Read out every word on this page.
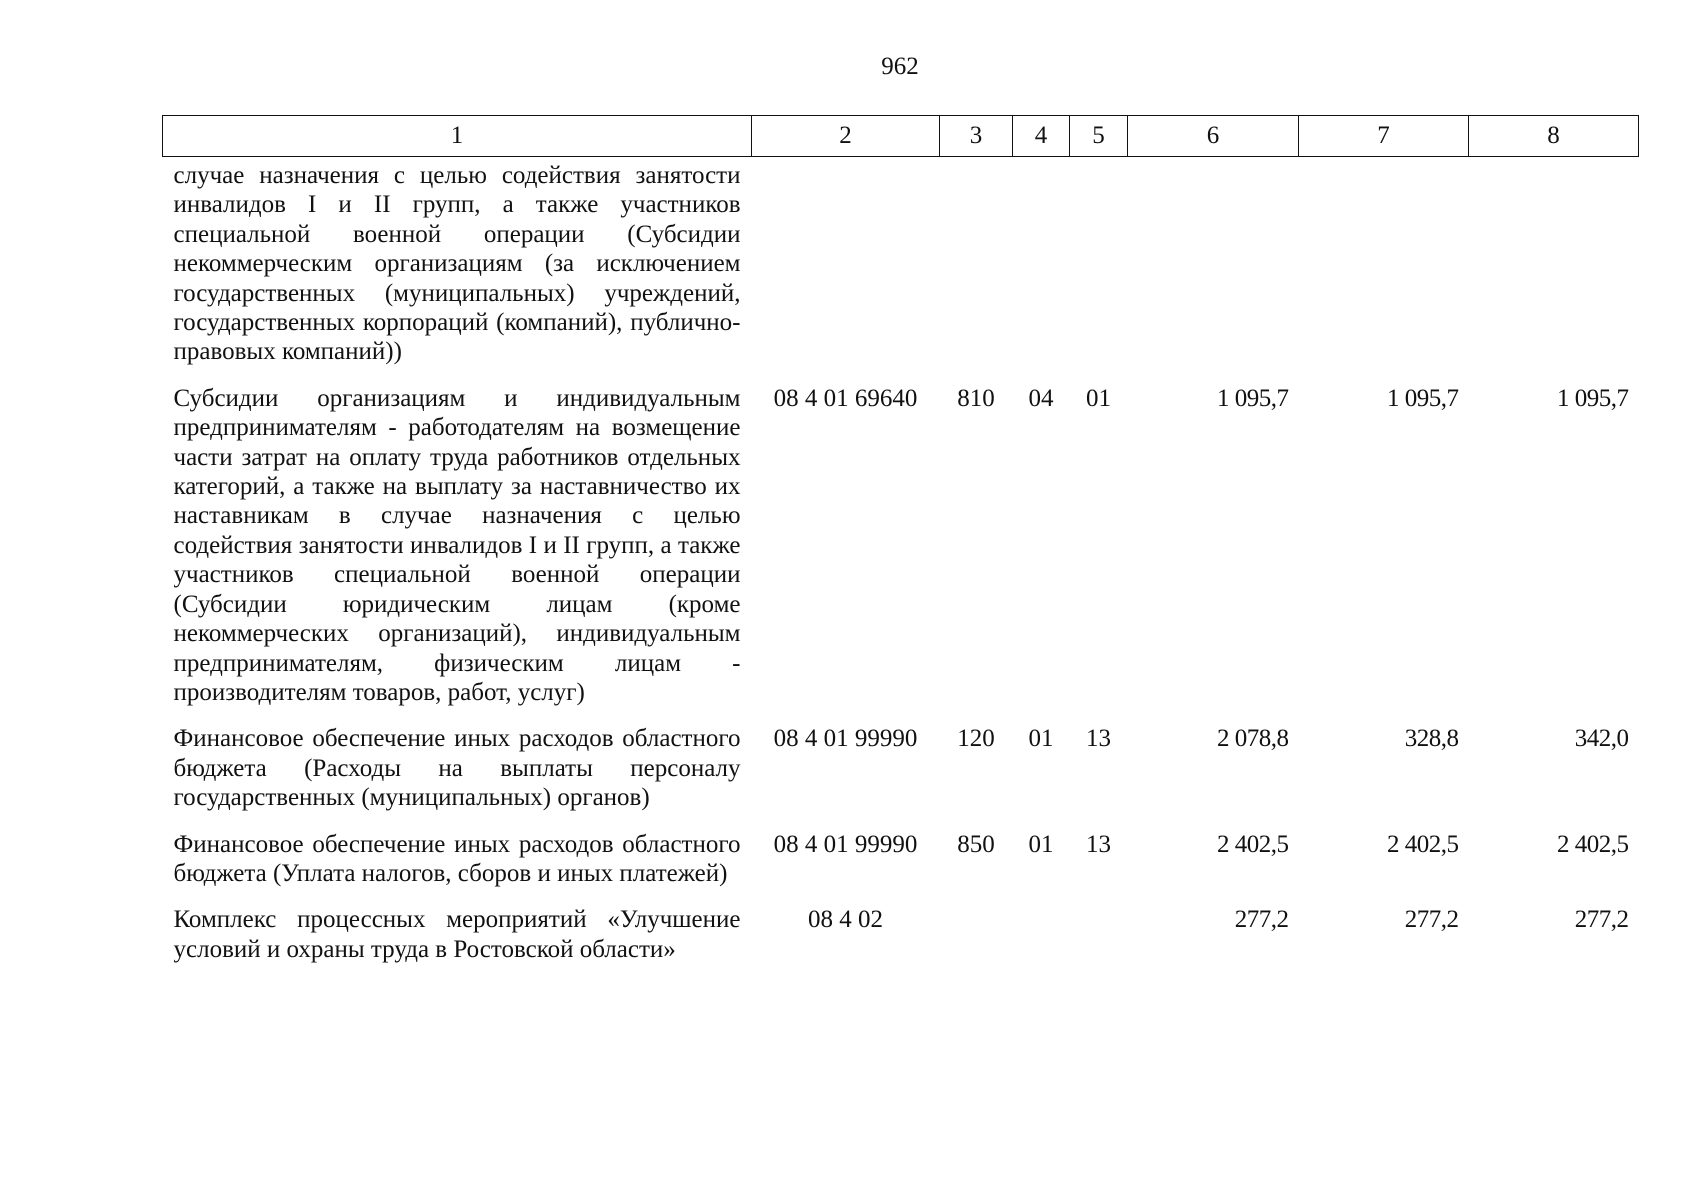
962
1	2	3	4	5	6	7	8
случае назначения с целью содействия занятости инвалидов I и II групп, а также участников специальной военной операции (Субсидии некоммерческим организациям (за исключением государственных (муниципальных) учреждений, государственных корпораций (компаний), публично-правовых компаний))							
Субсидии организациям и индивидуальным предпринимателям - работодателям на возмещение части затрат на оплату труда работников отдельных категорий, а также на выплату за наставничество их наставникам в случае назначения с целью содействия занятости инвалидов I и II групп, а также участников специальной военной операции (Субсидии юридическим лицам (кроме некоммерческих организаций), индивидуальным предпринимателям, физическим лицам - производителям товаров, работ, услуг)	08 4 01 69640	810	04	01	1 095,7	1 095,7	1 095,7
Финансовое обеспечение иных расходов областного бюджета (Расходы на выплаты персоналу государственных (муниципальных) органов)	08 4 01 99990	120	01	13	2 078,8	328,8	342,0
Финансовое обеспечение иных расходов областного бюджета (Уплата налогов, сборов и иных платежей)	08 4 01 99990	850	01	13	2 402,5	2 402,5	2 402,5
Комплекс процессных мероприятий «Улучшение условий и охраны труда в Ростовской области»	08 4 02				277,2	277,2	277,2
